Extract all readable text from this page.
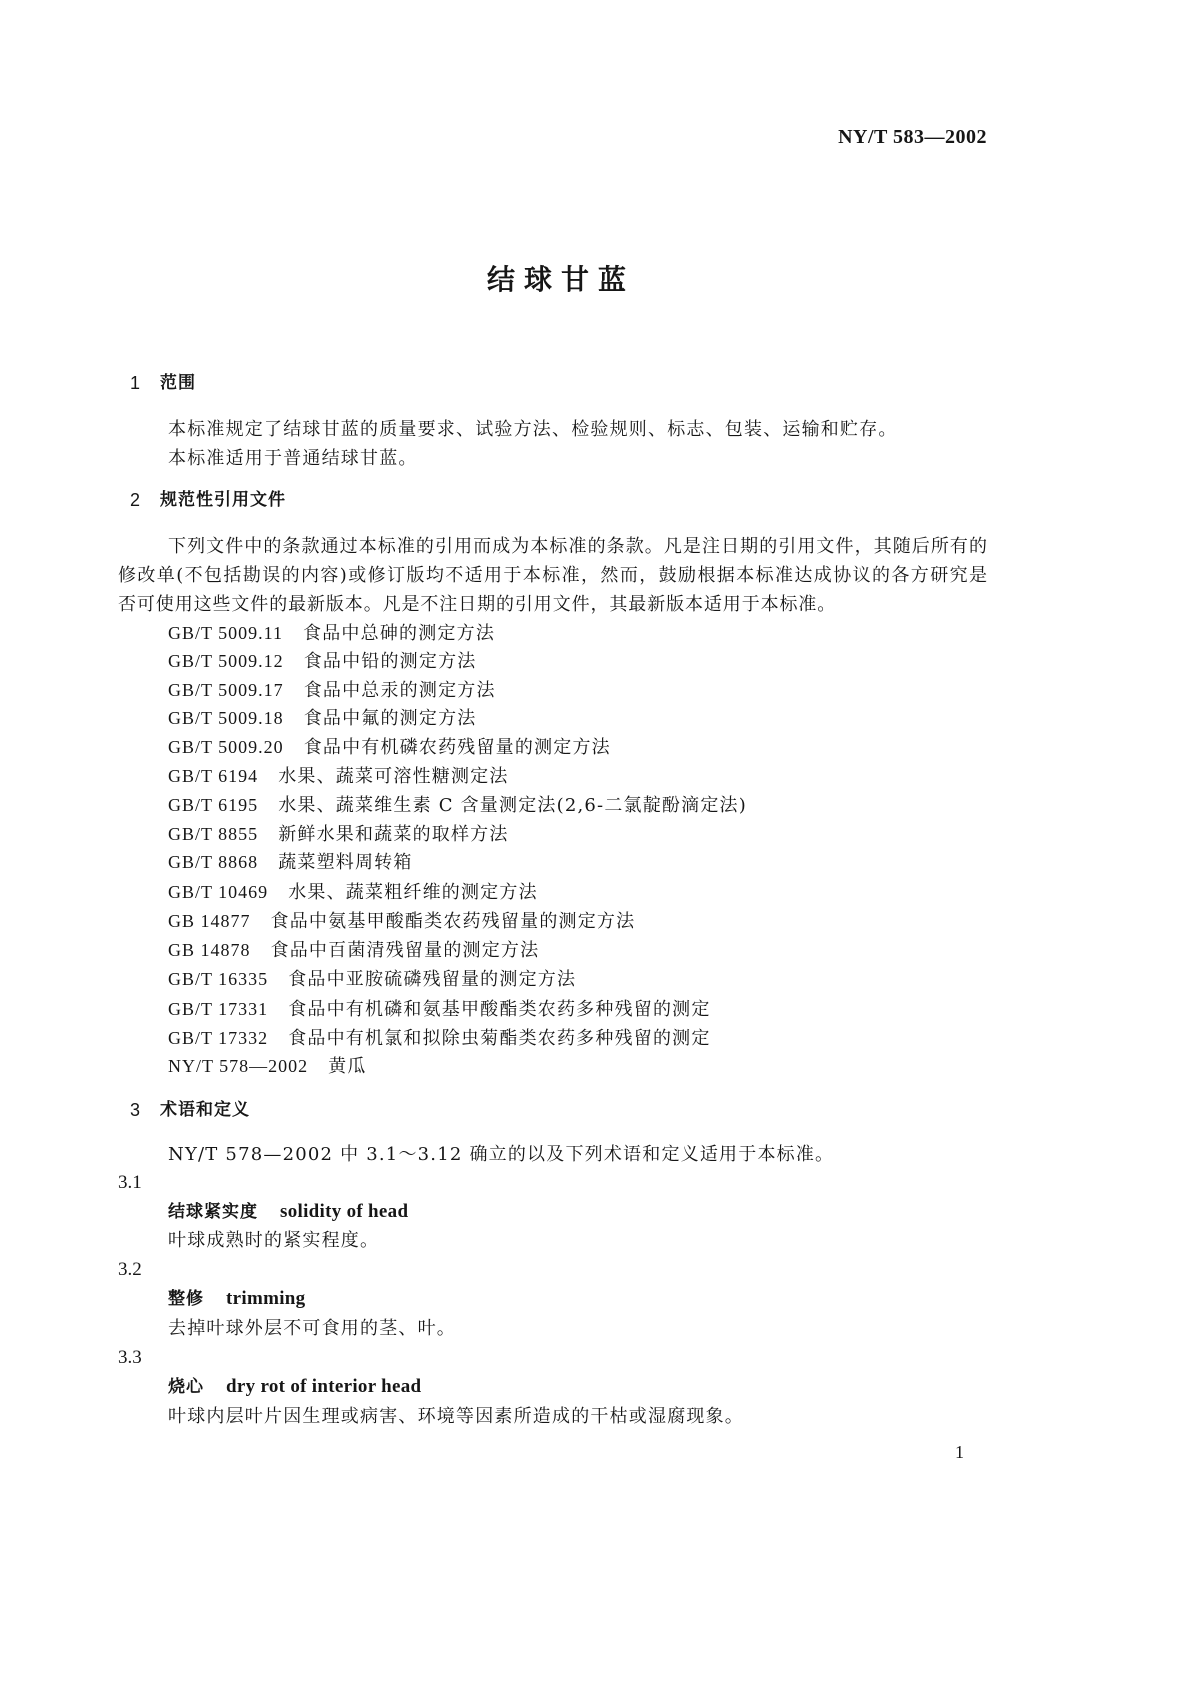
NY/T 583—2002
结球甘蓝
1 范围
本标准规定了结球甘蓝的质量要求、试验方法、检验规则、标志、包装、运输和贮存。
本标准适用于普通结球甘蓝。
2 规范性引用文件
下列文件中的条款通过本标准的引用而成为本标准的条款。凡是注日期的引用文件，其随后所有的
修改单(不包括勘误的内容)或修订版均不适用于本标准，然而，鼓励根据本标准达成协议的各方研究是
否可使用这些文件的最新版本。凡是不注日期的引用文件，其最新版本适用于本标准。
GB/T 5009.11 食品中总砷的测定方法
GB/T 5009.12 食品中铅的测定方法
GB/T 5009.17 食品中总汞的测定方法
GB/T 5009.18 食品中氟的测定方法
GB/T 5009.20 食品中有机磷农药残留量的测定方法
GB/T 6194 水果、蔬菜可溶性糖测定法
GB/T 6195 水果、蔬菜维生素 C 含量测定法(2,6-二氯靛酚滴定法)
GB/T 8855 新鲜水果和蔬菜的取样方法
GB/T 8868 蔬菜塑料周转箱
GB/T 10469 水果、蔬菜粗纤维的测定方法
GB 14877 食品中氨基甲酸酯类农药残留量的测定方法
GB 14878 食品中百菌清残留量的测定方法
GB/T 16335 食品中亚胺硫磷残留量的测定方法
GB/T 17331 食品中有机磷和氨基甲酸酯类农药多种残留的测定
GB/T 17332 食品中有机氯和拟除虫菊酯类农药多种残留的测定
NY/T 578—2002 黄瓜
3 术语和定义
NY/T 578—2002 中 3.1～3.12 确立的以及下列术语和定义适用于本标准。
3.1
结球紧实度 solidity of head
叶球成熟时的紧实程度。
3.2
整修 trimming
去掉叶球外层不可食用的茎、叶。
3.3
烧心 dry rot of interior head
叶球内层叶片因生理或病害、环境等因素所造成的干枯或湿腐现象。
1
